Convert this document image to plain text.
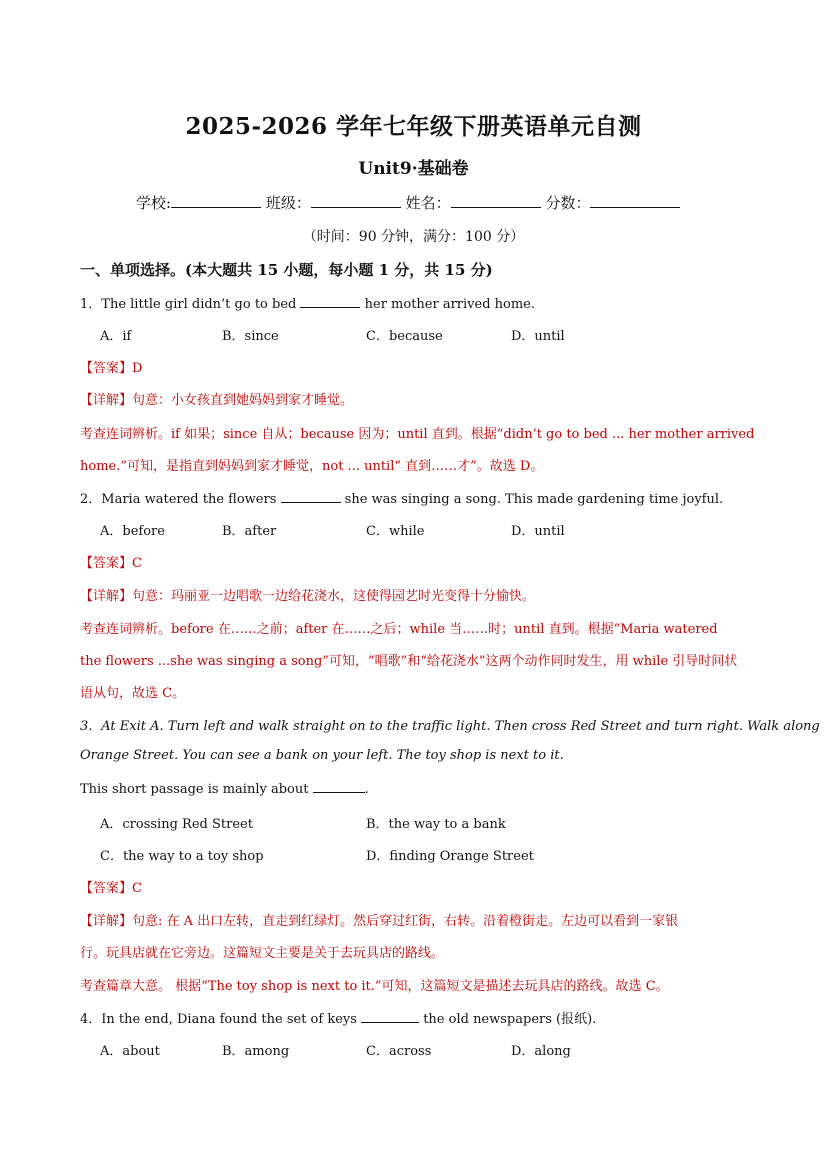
2025-2026 学年七年级下册英语单元自测
Unit9·基础卷
学校:	班级：	姓名：	分数：
（时间：90 分钟，满分：100 分）
一、单项选择。(本大题共 15 小题，每小题 1 分，共 15 分)
1．The little girl didn’t go to bed	her mother arrived home.
A．if	B．since	C．because	D．until
【答案】D
【详解】句意：小女孩直到她妈妈到家才睡觉。
考查连词辨析。if 如果；since 自从；because 因为；until 直到。根据“didn’t go to bed ... her mother arrived
home.”可知，是指直到妈妈到家才睡觉，not ... until“ 直到……才”。故选 D。
2．Maria watered the flowers	she was singing a song. This made gardening time joyful.
A．before	B．after	C．while	D．until
【答案】C
【详解】句意：玛丽亚一边唱歌一边给花浇水，这使得园艺时光变得十分愉快。
考查连词辨析。before 在……之前；after 在……之后；while 当……时；until 直到。根据“Maria watered
the flowers ...she was singing a song”可知，“唱歌”和“给花浇水”这两个动作同时发生，用 while 引导时间状
语从句，故选 C。
3．At Exit A. Turn left and walk straight on to the traffic light. Then cross Red Street and turn right. Walk along
Orange Street. You can see a bank on your left. The toy shop is next to it.
This short passage is mainly about	.
A．crossing Red Street	B．the way to a bank
C．the way to a toy shop	D．finding Orange Street
【答案】C
【详解】句意: 在 A 出口左转，直走到红绿灯。然后穿过红街，右转。沿着橙街走。左边可以看到一家银
行。玩具店就在它旁边。这篇短文主要是关于去玩具店的路线。
考查篇章大意。 根据“The toy shop is next to it.”可知，这篇短文是描述去玩具店的路线。故选 C。
4．In the end, Diana found the set of keys	the old newspapers (报纸).
A．about	B．among	C．across	D．along
